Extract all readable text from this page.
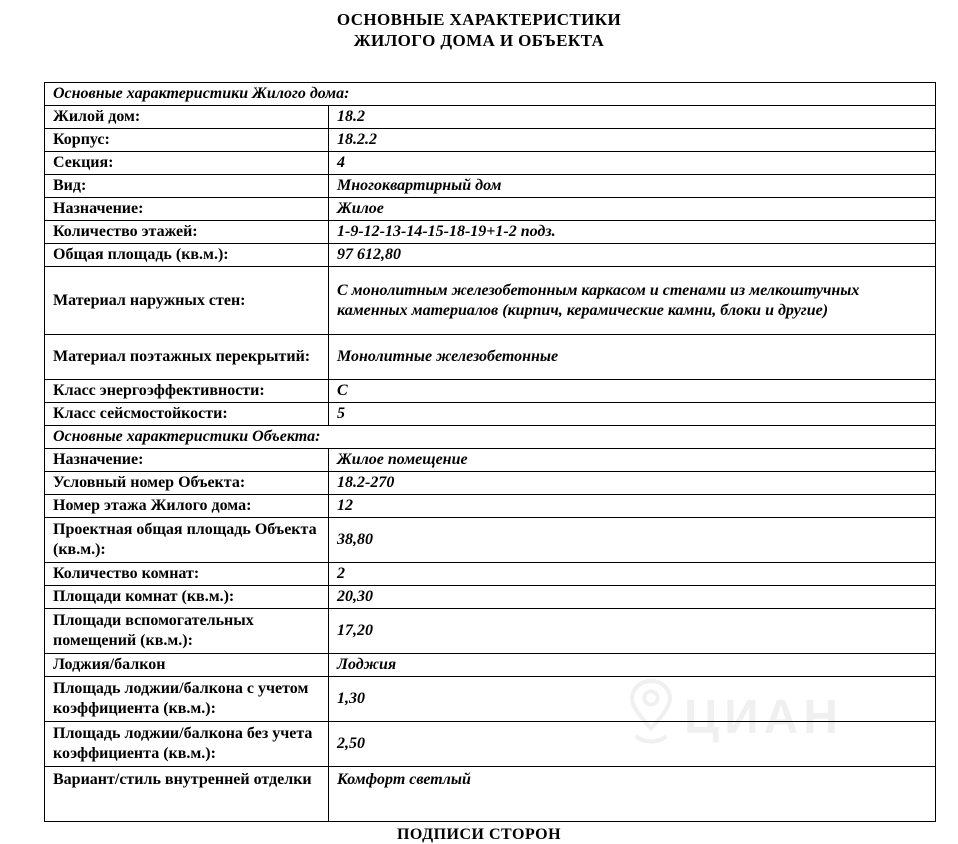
ОСНОВНЫЕ ХАРАКТЕРИСТИКИ
ЖИЛОГО ДОМА И ОБЪЕКТА
Основные характеристики Жилого дома:	
Жилой дом:	18.2
Корпус:	18.2.2
Секция:	4
Вид:	Многоквартирный дом
Назначение:	Жилое
Количество этажей:	1-9-12-13-14-15-18-19+1-2 подз.
Общая площадь (кв.м.):	97 612,80
Материал наружных стен:	С монолитным железобетонным каркасом и стенами из мелкоштучных каменных материалов (кирпич, керамические камни, блоки и другие)

Материал поэтажных перекрытий:	Монолитные железобетонные
Класс энергоэффективности:	С
Класс сейсмостойкости:	5
Основные характеристики Объекта:	
Назначение:	Жилое помещение
Условный номер Объекта:	18.2-270
Номер этажа Жилого дома:	12
Проектная общая площадь Объекта (кв.м.):	38,80
Количество комнат:	2
Площади комнат (кв.м.):	20,30
Площади вспомогательных помещений (кв.м.):	17,20
Лоджия/балкон	Лоджия
Площадь лоджии/балкона с учетом коэффициента (кв.м.):	1,30
Площадь лоджии/балкона без учета коэффициента (кв.м.):	2,50
Вариант/стиль внутренней отделки	Комфорт светлый
ЦИАН
ПОДПИСИ СТОРОН
